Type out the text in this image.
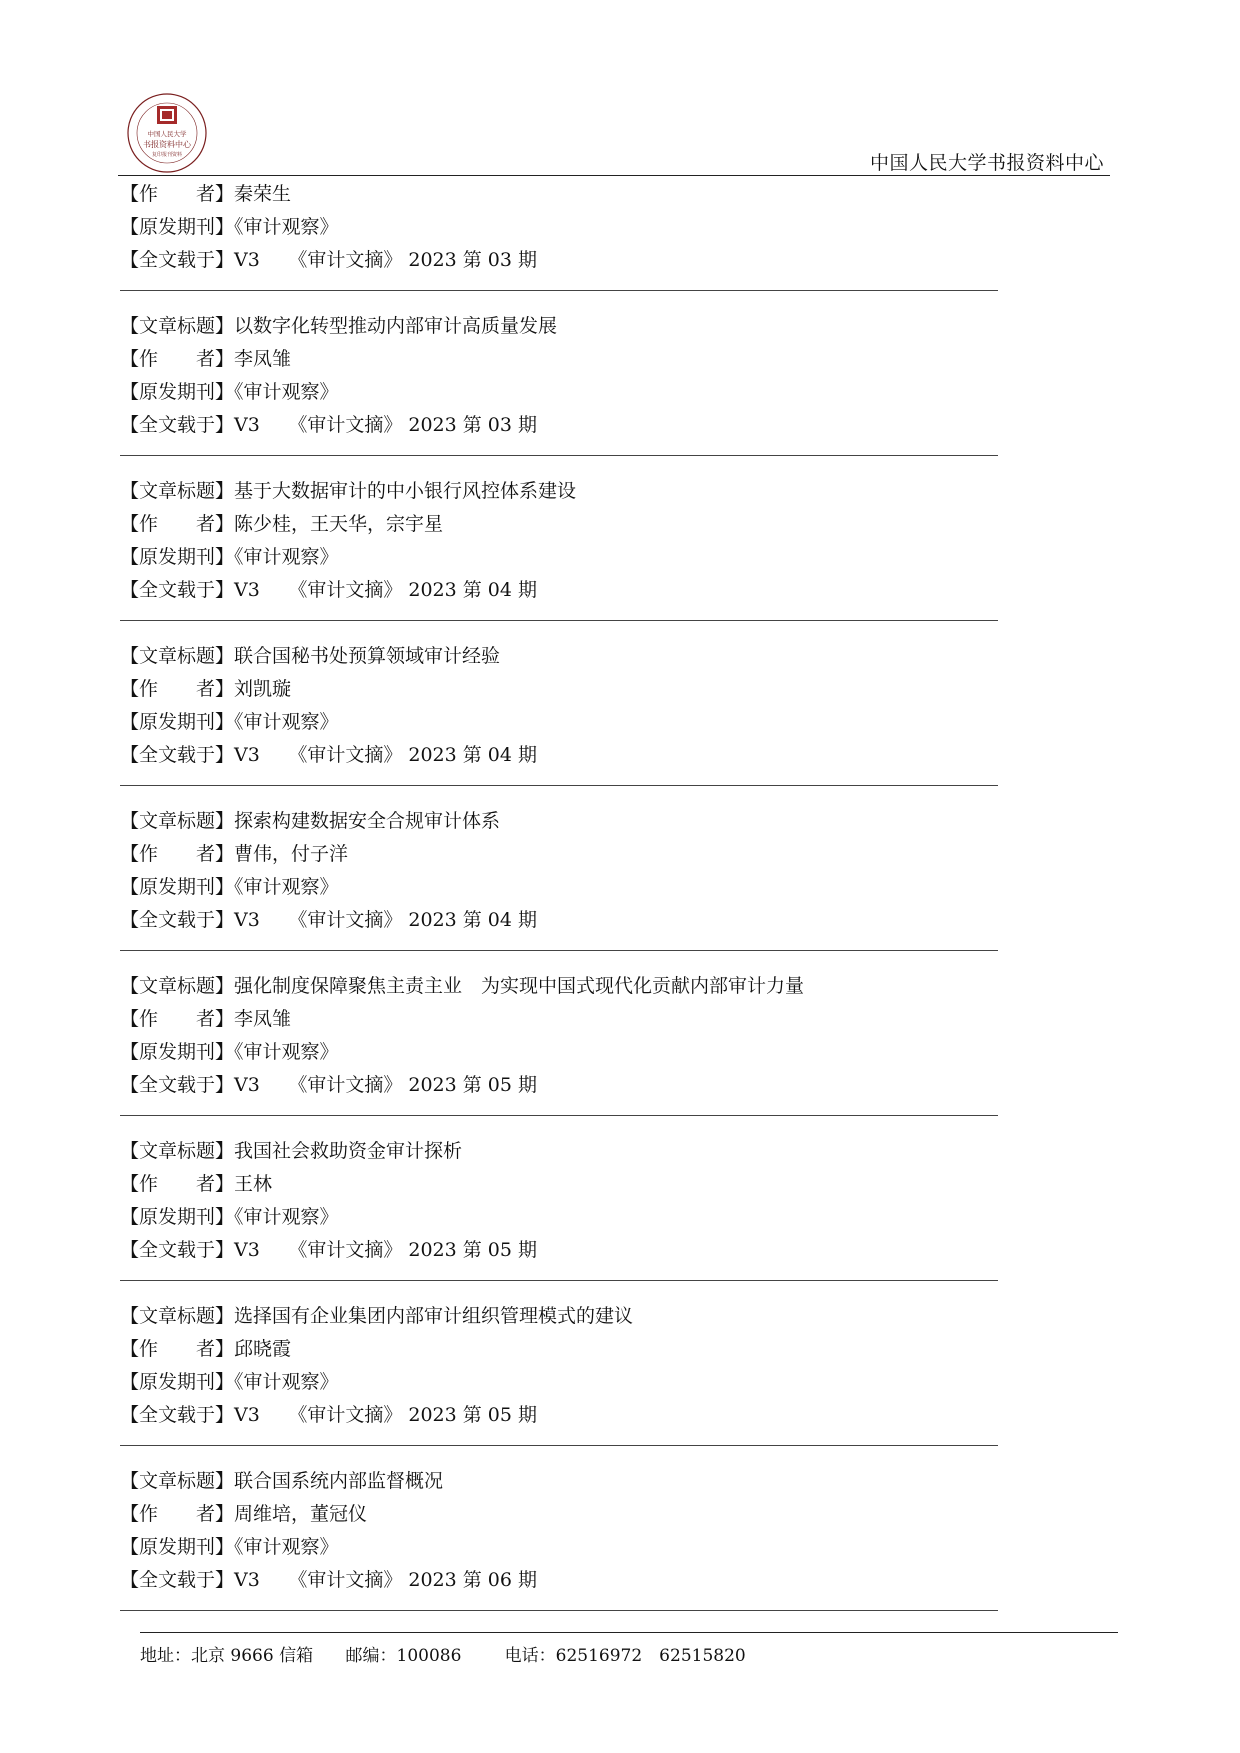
中国人民大学
书报资料中心
复印报刊资料	中国人民大学书报资料中心
【作　　者】秦荣生
【原发期刊】《审计观察》
【全文载于】V3　　《审计文摘》 2023 第 03 期
【文章标题】以数字化转型推动内部审计高质量发展
【作　　者】李凤雏
【原发期刊】《审计观察》
【全文载于】V3　　《审计文摘》 2023 第 03 期
【文章标题】基于大数据审计的中小银行风控体系建设
【作　　者】陈少桂，王天华，宗宇星
【原发期刊】《审计观察》
【全文载于】V3　　《审计文摘》 2023 第 04 期
【文章标题】联合国秘书处预算领域审计经验
【作　　者】刘凯璇
【原发期刊】《审计观察》
【全文载于】V3　　《审计文摘》 2023 第 04 期
【文章标题】探索构建数据安全合规审计体系
【作　　者】曹伟，付子洋
【原发期刊】《审计观察》
【全文载于】V3　　《审计文摘》 2023 第 04 期
【文章标题】强化制度保障聚焦主责主业　为实现中国式现代化贡献内部审计力量
【作　　者】李凤雏
【原发期刊】《审计观察》
【全文载于】V3　　《审计文摘》 2023 第 05 期
【文章标题】我国社会救助资金审计探析
【作　　者】王林
【原发期刊】《审计观察》
【全文载于】V3　　《审计文摘》 2023 第 05 期
【文章标题】选择国有企业集团内部审计组织管理模式的建议
【作　　者】邱晓霞
【原发期刊】《审计观察》
【全文载于】V3　　《审计文摘》 2023 第 05 期
【文章标题】联合国系统内部监督概况
【作　　者】周维培，董冠仪
【原发期刊】《审计观察》
【全文载于】V3　　《审计文摘》 2023 第 06 期
地址：北京 9666 信箱 邮编：100086	电话：62516972　62515820
